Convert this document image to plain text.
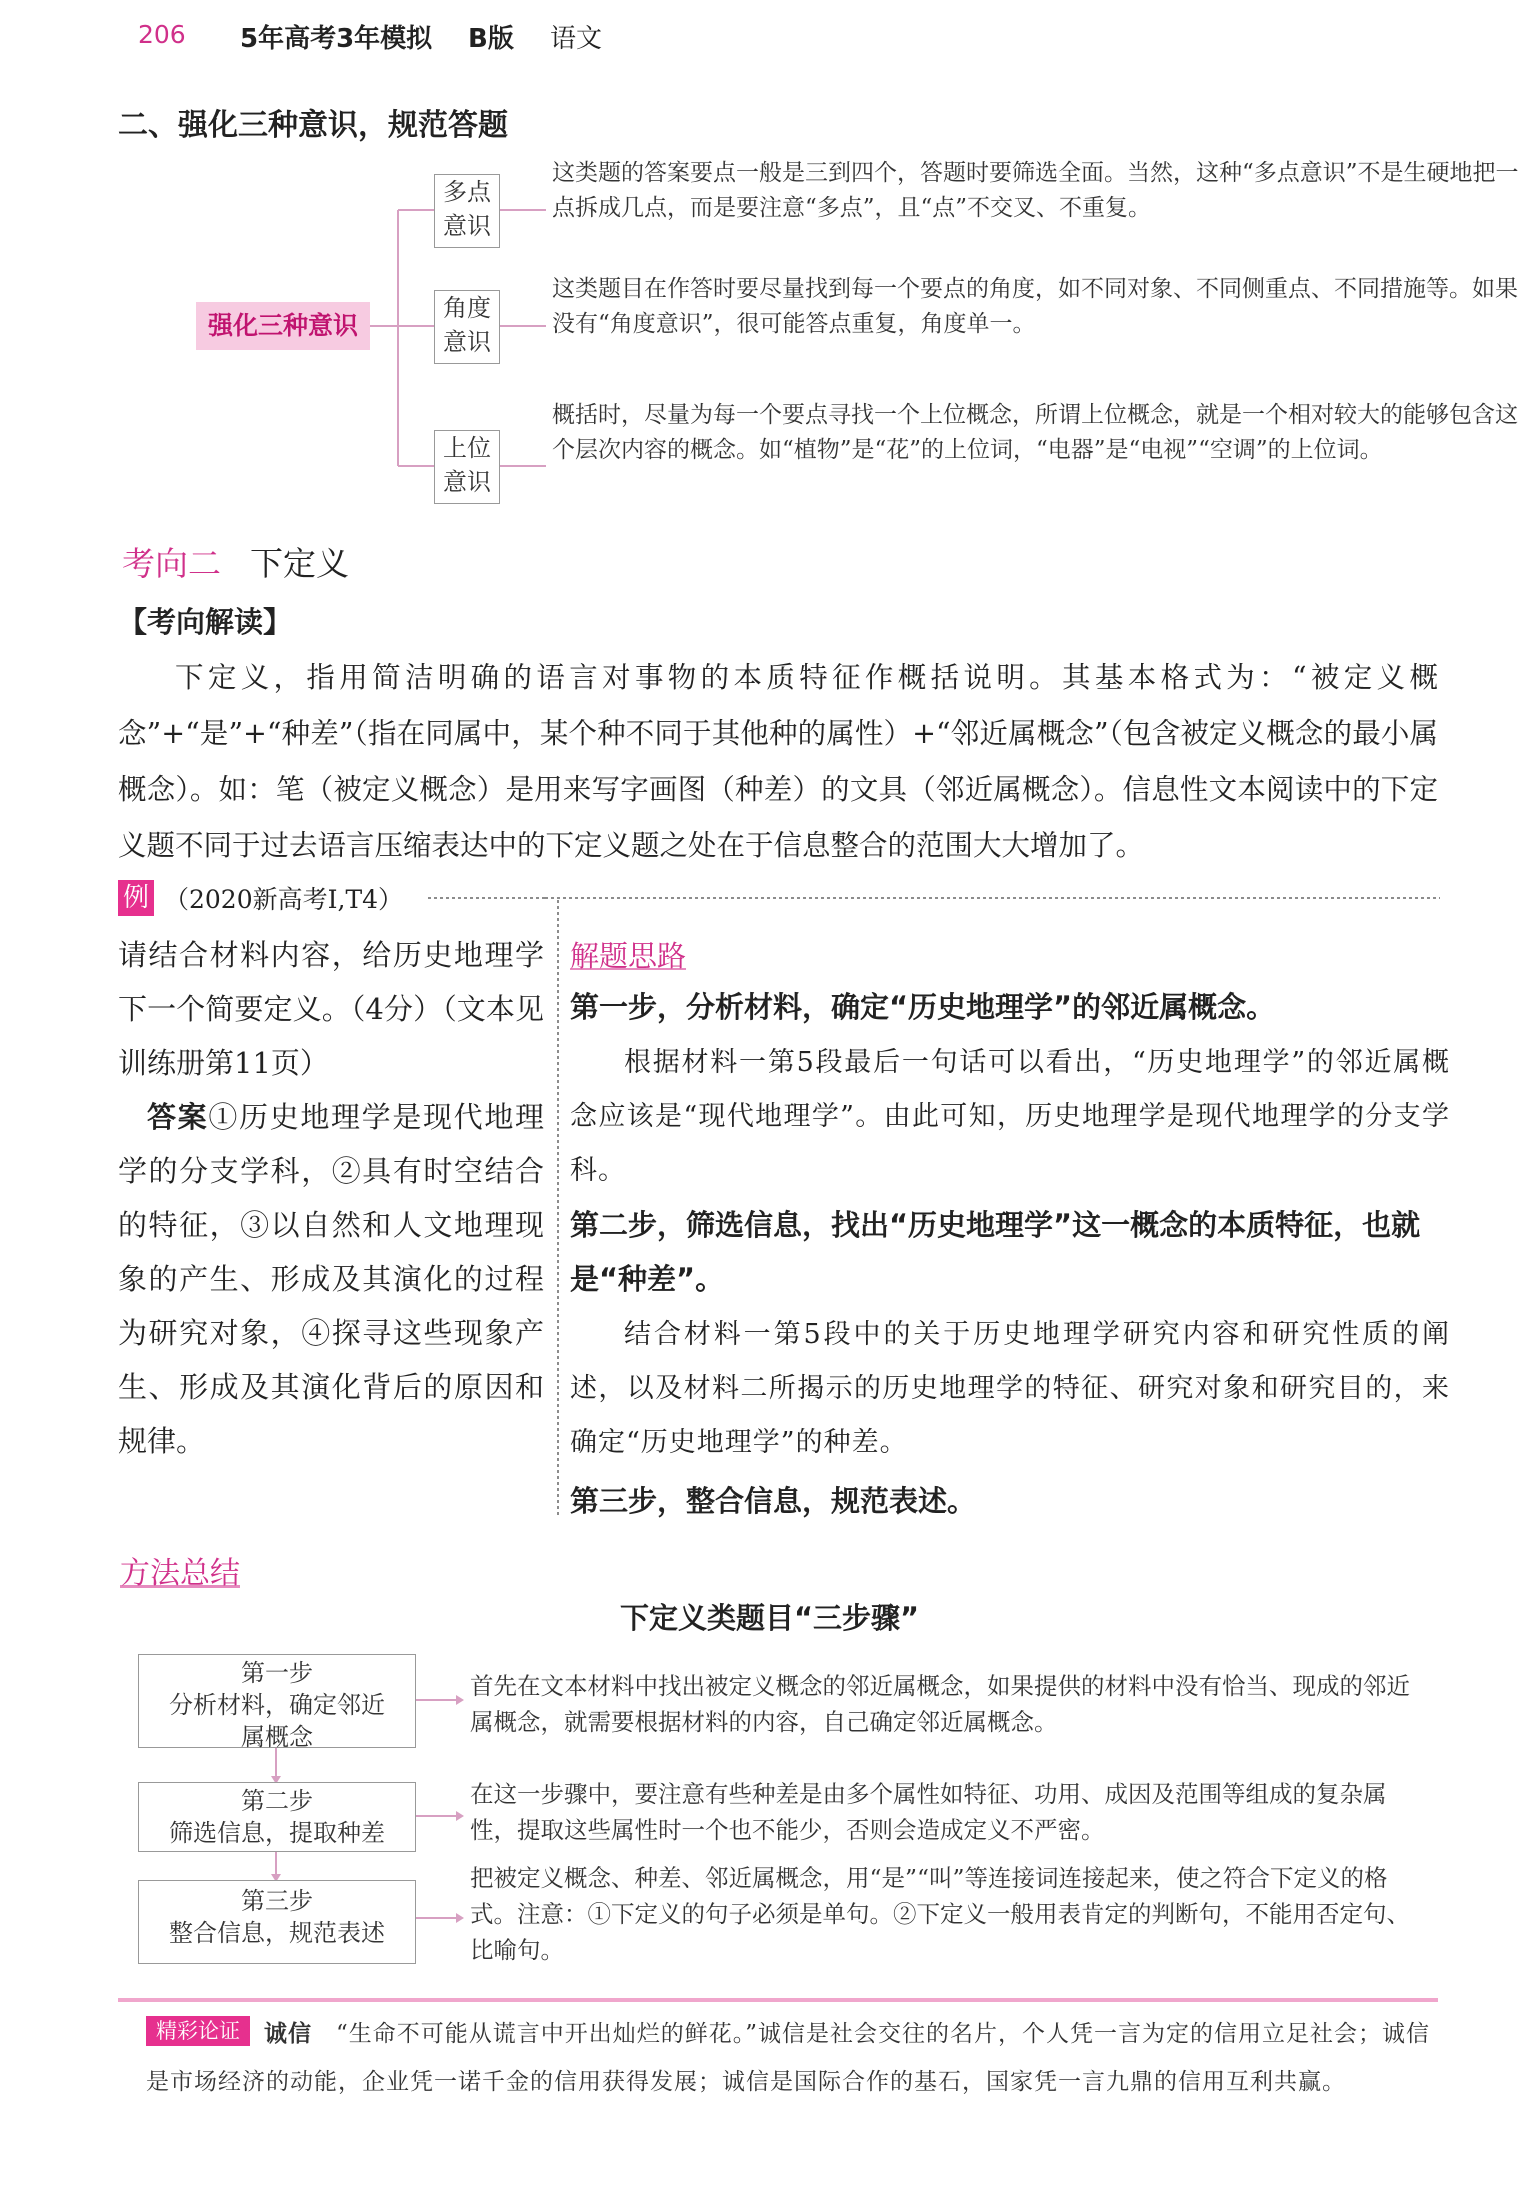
206 5年高考3年模拟 B版 语文
二、强化三种意识，规范答题
强化三种意识
多点
意识
这类题的答案要点一般是三到四个，答题时要筛选全面。当然，这种“多点意识”不是生硬地把一点拆成几点，而是要注意“多点”，且“点”不交叉、不重复。
角度
意识
这类题目在作答时要尽量找到每一个要点的角度，如不同对象、不同侧重点、不同措施等。如果没有“角度意识”，很可能答点重复，角度单一。
上位
意识
概括时，尽量为每一个要点寻找一个上位概念，所谓上位概念，就是一个相对较大的能够包含这个层次内容的概念。如“植物”是“花”的上位词，“电器”是“电视”“空调”的上位词。
考向二 下定义
【考向解读】
下定义，指用简洁明确的语言对事物的本质特征作概括说明。其基本格式为：“被定义概念”+“是”+“种差”（指在同属中，某个种不同于其他种的属性）+“邻近属概念”（包含被定义概念的最小属概念）。如：笔（被定义概念）是用来写字画图（种差）的文具（邻近属概念）。信息性文本阅读中的下定义题不同于过去语言压缩表达中的下定义题之处在于信息整合的范围大大增加了。
例 （2020新高考Ⅰ,T4）
请结合材料内容，给历史地理学下一个简要定义。（4分）（文本见训练册第11页）
答案①历史地理学是现代地理学的分支学科，②具有时空结合的特征，③以自然和人文地理现象的产生、形成及其演化的过程为研究对象，④探寻这些现象产生、形成及其演化背后的原因和规律。
解题思路
第一步，分析材料，确定“历史地理学”的邻近属概念。
根据材料一第5段最后一句话可以看出，“历史地理学”的邻近属概念应该是“现代地理学”。由此可知，历史地理学是现代地理学的分支学科。
第二步，筛选信息，找出“历史地理学”这一概念的本质特征，也就是“种差”。
结合材料一第5段中的关于历史地理学研究内容和研究性质的阐述，以及材料二所揭示的历史地理学的特征、研究对象和研究目的，来确定“历史地理学”的种差。
第三步，整合信息，规范表述。
方法总结
下定义类题目“三步骤”
第一步
分析材料，确定邻近
属概念
首先在文本材料中找出被定义概念的邻近属概念，如果提供的材料中没有恰当、现成的邻近属概念，就需要根据材料的内容，自己确定邻近属概念。
第二步
筛选信息，提取种差
在这一步骤中，要注意有些种差是由多个属性如特征、功用、成因及范围等组成的复杂属性，提取这些属性时一个也不能少，否则会造成定义不严密。
第三步
整合信息，规范表述
把被定义概念、种差、邻近属概念，用“是”“叫”等连接词连接起来，使之符合下定义的格式。注意：①下定义的句子必须是单句。②下定义一般用表肯定的判断句，不能用否定句、比喻句。
诚信　 “生命不可能从谎言中开出灿烂的鲜花。”诚信是社会交往的名片，个人凭一言为定的信用立足社会；诚信是市场经济的动能，企业凭一诺千金的信用获得发展；诚信是国际合作的基石，国家凭一言九鼎的信用互利共赢。
精彩论证
